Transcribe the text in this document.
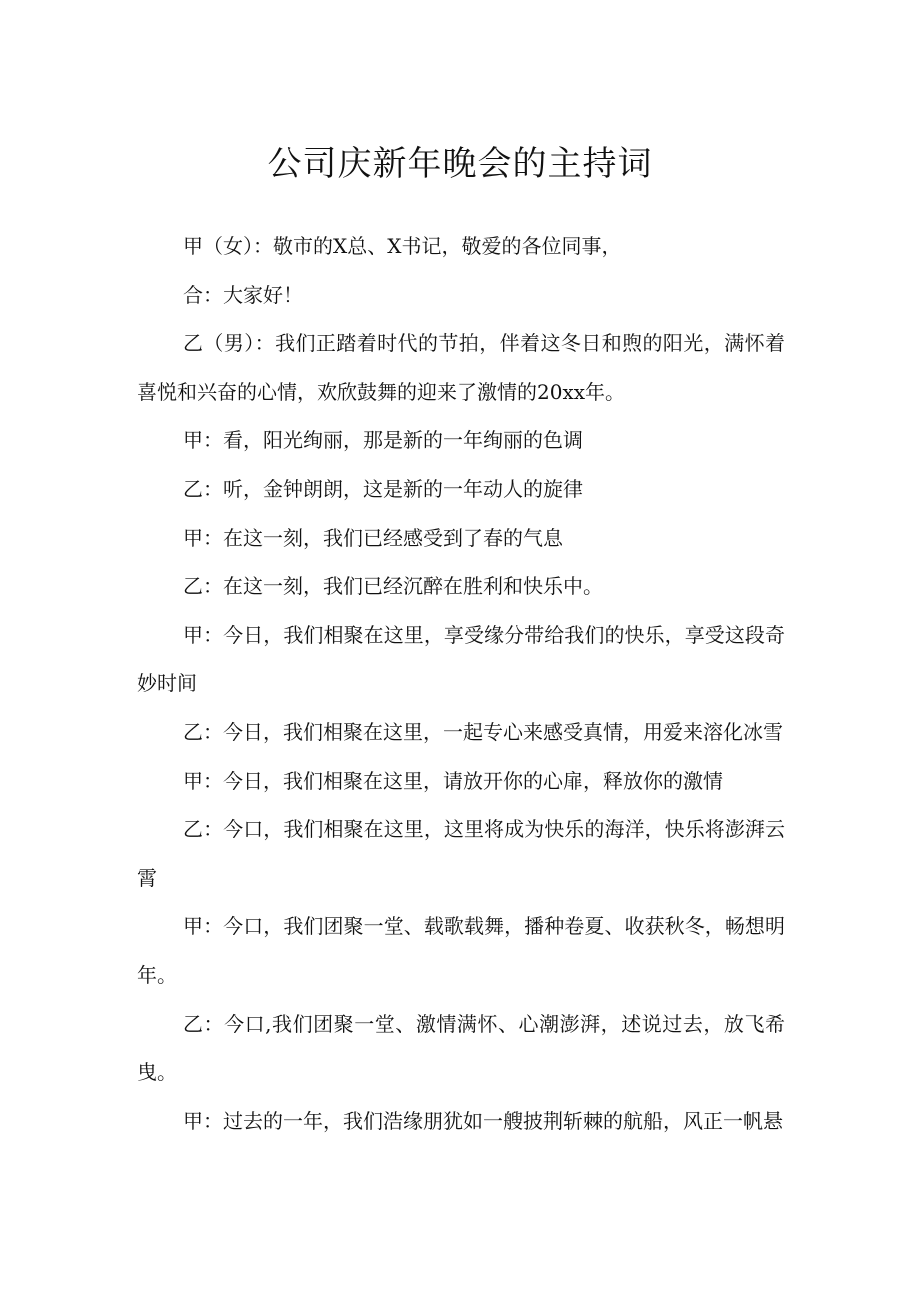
公司庆新年晚会的主持词

甲（女）：敬市的X总、X书记，敬爱的各位同事，

合：大家好！

乙（男）：我们正踏着时代的节拍，伴着这冬日和煦的阳光，满怀着喜悦和兴奋的心情，欢欣鼓舞的迎来了激情的20xx年。

甲：看，阳光绚丽，那是新的一年绚丽的色调

乙：听，金钟朗朗，这是新的一年动人的旋律

甲：在这一刻，我们已经感受到了春的气息

乙：在这一刻，我们已经沉醉在胜利和快乐中。

甲：今日，我们相聚在这里，享受缘分带给我们的快乐，享受这段奇妙时间

乙：今日，我们相聚在这里，一起专心来感受真情，用爱来溶化冰雪

甲：今日，我们相聚在这里，请放开你的心扉，释放你的激情

乙：今口，我们相聚在这里，这里将成为快乐的海洋，快乐将澎湃云霄

甲：今口，我们团聚一堂、载歌载舞，播种卷夏、收获秋冬，畅想明年。

乙：今口,我们团聚一堂、激情满怀、心潮澎湃，述说过去，放飞希曳。

甲：过去的一年，我们浩缘朋犹如一艘披荆斩棘的航船，风正一帆悬
